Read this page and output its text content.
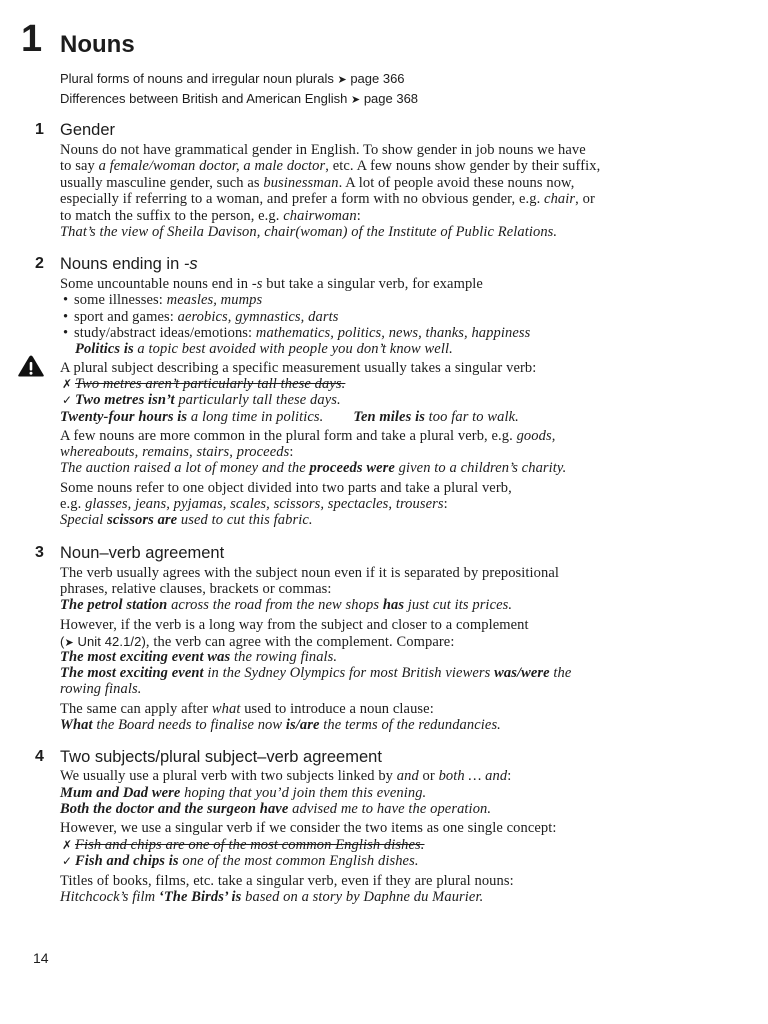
1 Nouns
Plural forms of nouns and irregular noun plurals ➤ page 366
Differences between British and American English ➤ page 368
1 Gender
Nouns do not have grammatical gender in English. To show gender in job nouns we have
to say a female/woman doctor, a male doctor, etc. A few nouns show gender by their suffix,
usually masculine gender, such as businessman. A lot of people avoid these nouns now,
especially if referring to a woman, and prefer a form with no obvious gender, e.g. chair, or
to match the suffix to the person, e.g. chairwoman:
That’s the view of Sheila Davison, chair(woman) of the Institute of Public Relations.
2 Nouns ending in -s
Some uncountable nouns end in -s but take a singular verb, for example
• some illnesses: measles, mumps
• sport and games: aerobics, gymnastics, darts
• study/abstract ideas/emotions: mathematics, politics, news, thanks, happiness
Politics is a topic best avoided with people you don’t know well.
A plural subject describing a specific measurement usually takes a singular verb:
✗ Two metres aren’t particularly tall these days.
✓ Two metres isn’t particularly tall these days.
Twenty-four hours is a long time in politics. Ten miles is too far to walk.
A few nouns are more common in the plural form and take a plural verb, e.g. goods,
whereabouts, remains, stairs, proceeds:
The auction raised a lot of money and the proceeds were given to a children’s charity.
Some nouns refer to one object divided into two parts and take a plural verb,
e.g. glasses, jeans, pyjamas, scales, scissors, spectacles, trousers:
Special scissors are used to cut this fabric.
3 Noun–verb agreement
The verb usually agrees with the subject noun even if it is separated by prepositional
phrases, relative clauses, brackets or commas:
The petrol station across the road from the new shops has just cut its prices.
However, if the verb is a long way from the subject and closer to a complement
(➤ Unit 42.1/2), the verb can agree with the complement. Compare:
The most exciting event was the rowing finals.
The most exciting event in the Sydney Olympics for most British viewers was/were the
rowing finals.
The same can apply after what used to introduce a noun clause:
What the Board needs to finalise now is/are the terms of the redundancies.
4 Two subjects/plural subject–verb agreement
We usually use a plural verb with two subjects linked by and or both … and:
Mum and Dad were hoping that you’d join them this evening.
Both the doctor and the surgeon have advised me to have the operation.
However, we use a singular verb if we consider the two items as one single concept:
✗ Fish and chips are one of the most common English dishes.
✓ Fish and chips is one of the most common English dishes.
Titles of books, films, etc. take a singular verb, even if they are plural nouns:
Hitchcock’s film ‘The Birds’ is based on a story by Daphne du Maurier.
14
